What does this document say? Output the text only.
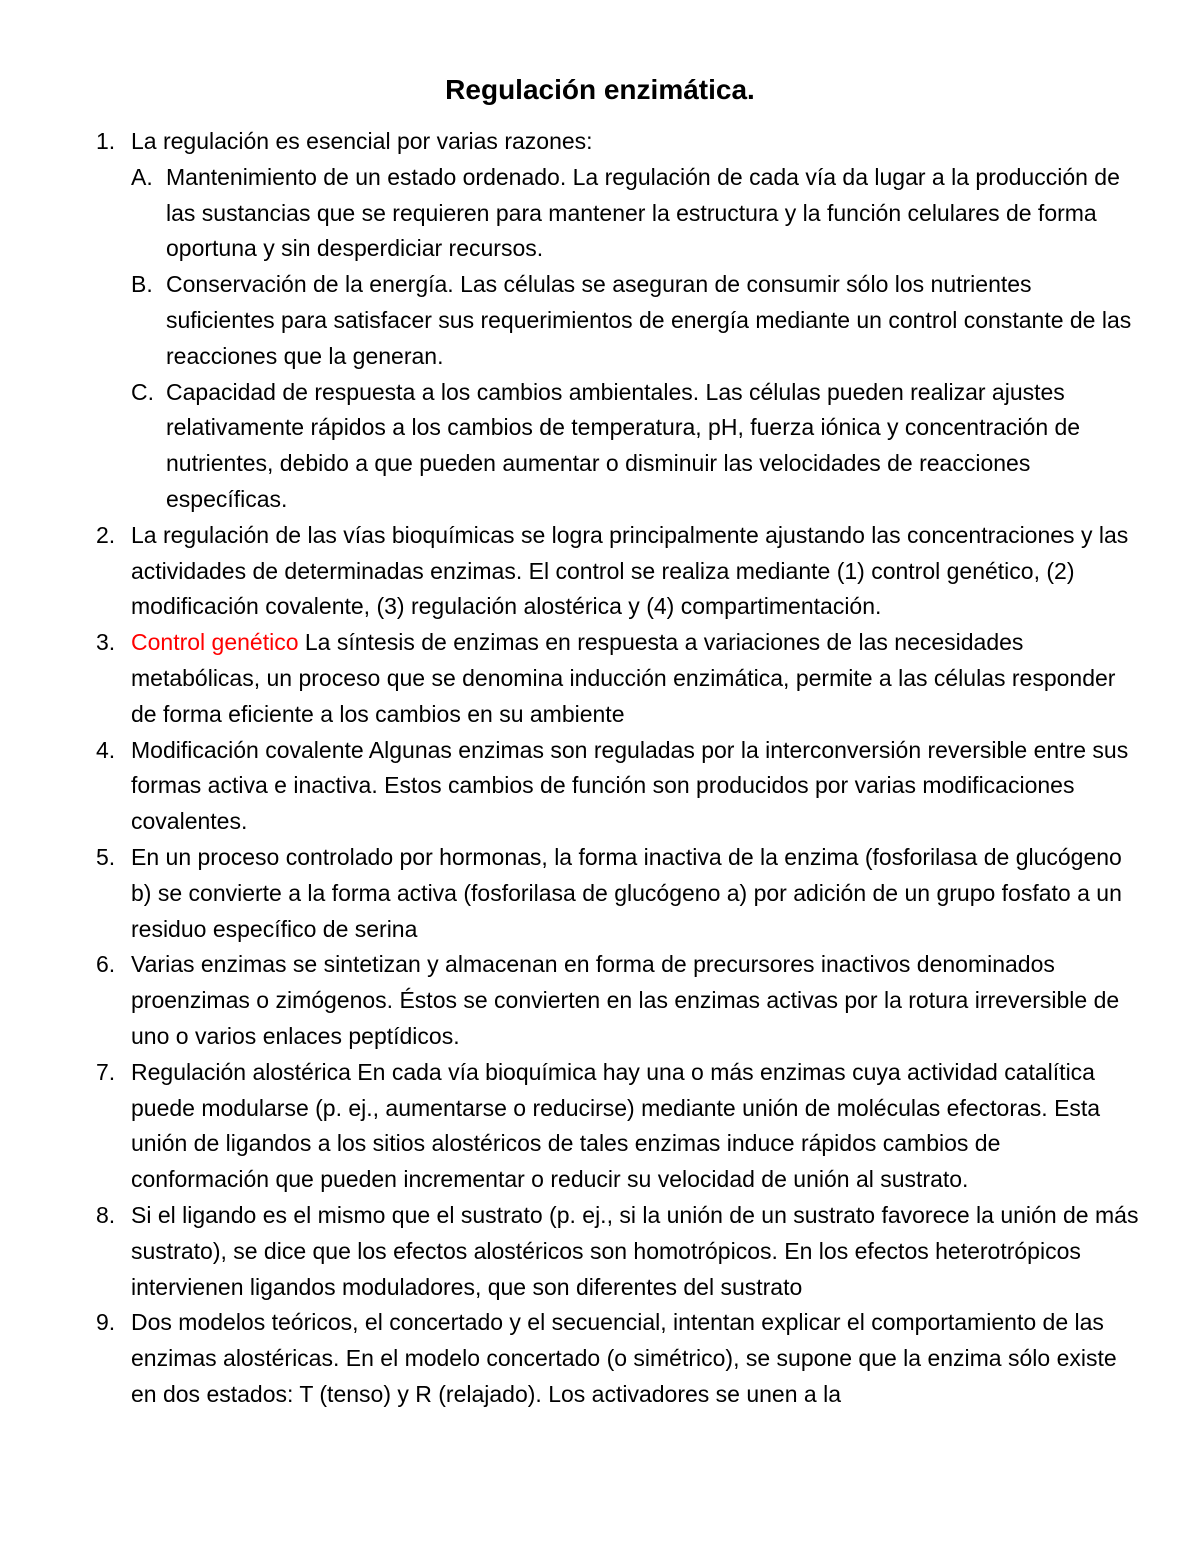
Regulación enzimática.
1. La regulación es esencial por varias razones:
A. Mantenimiento de un estado ordenado. La regulación de cada vía da lugar a la producción de las sustancias que se requieren para mantener la estructura y la función celulares de forma oportuna y sin desperdiciar recursos.
B. Conservación de la energía. Las células se aseguran de consumir sólo los nutrientes suficientes para satisfacer sus requerimientos de energía mediante un control constante de las reacciones que la generan.
C. Capacidad de respuesta a los cambios ambientales. Las células pueden realizar ajustes relativamente rápidos a los cambios de temperatura, pH, fuerza iónica y concentración de nutrientes, debido a que pueden aumentar o disminuir las velocidades de reacciones específicas.
2. La regulación de las vías bioquímicas se logra principalmente ajustando las concentraciones y las actividades de determinadas enzimas. El control se realiza mediante (1) control genético, (2) modificación covalente, (3) regulación alostérica y (4) compartimentación.
3. Control genético La síntesis de enzimas en respuesta a variaciones de las necesidades metabólicas, un proceso que se denomina inducción enzimática, permite a las células responder de forma eficiente a los cambios en su ambiente
4. Modificación covalente Algunas enzimas son reguladas por la interconversión reversible entre sus formas activa e inactiva. Estos cambios de función son producidos por varias modificaciones covalentes.
5. En un proceso controlado por hormonas, la forma inactiva de la enzima (fosforilasa de glucógeno b) se convierte a la forma activa (fosforilasa de glucógeno a) por adición de un grupo fosfato a un residuo específico de serina
6. Varias enzimas se sintetizan y almacenan en forma de precursores inactivos denominados proenzimas o zimógenos. Éstos se convierten en las enzimas activas por la rotura irreversible de uno o varios enlaces peptídicos.
7. Regulación alostérica En cada vía bioquímica hay una o más enzimas cuya actividad catalítica puede modularse (p. ej., aumentarse o reducirse) mediante unión de moléculas efectoras. Esta unión de ligandos a los sitios alostéricos de tales enzimas induce rápidos cambios de conformación que pueden incrementar o reducir su velocidad de unión al sustrato.
8. Si el ligando es el mismo que el sustrato (p. ej., si la unión de un sustrato favorece la unión de más sustrato), se dice que los efectos alostéricos son homotrópicos. En los efectos heterotrópicos intervienen ligandos moduladores, que son diferentes del sustrato
9. Dos modelos teóricos, el concertado y el secuencial, intentan explicar el comportamiento de las enzimas alostéricas. En el modelo concertado (o simétrico), se supone que la enzima sólo existe en dos estados: T (tenso) y R (relajado). Los activadores se unen a la
